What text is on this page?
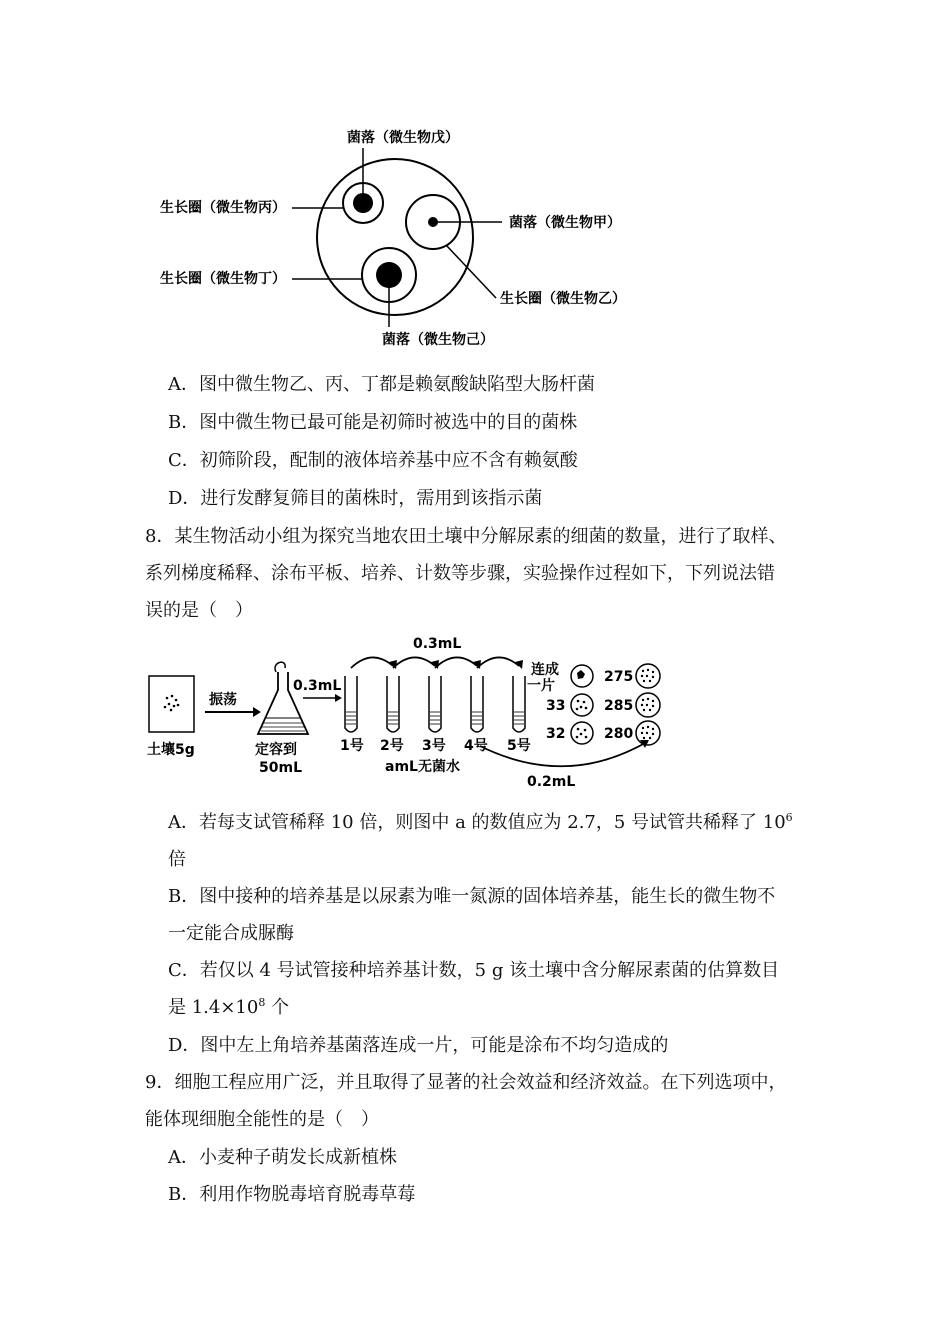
菌落（微生物戊）
生长圈（微生物丙）
菌落（微生物甲）
生长圈（微生物丁）
生长圈（微生物乙）
菌落（微生物己）
A．图中微生物乙、丙、丁都是赖氨酸缺陷型大肠杆菌
B．图中微生物已最可能是初筛时被选中的目的菌株
C．初筛阶段，配制的液体培养基中应不含有赖氨酸
D．进行发酵复筛目的菌株时，需用到该指示菌
8．某生物活动小组为探究当地农田土壤中分解尿素的细菌的数量，进行了取样、
系列梯度稀释、涂布平板、培养、计数等步骤，实验操作过程如下，下列说法错
误的是（　）
土壤5g
振荡
定容到
50mL
0.3mL
0.3mL
1号 2号 3号 4号 5号
amL无菌水
0.2mL
连成
一片
33
32
275
285
280
A．若每支试管稀释 10 倍，则图中 a 的数值应为 2.7，5 号试管共稀释了 $10^6$
倍
B．图中接种的培养基是以尿素为唯一氮源的固体培养基，能生长的微生物不
一定能合成脲酶
C．若仅以 4 号试管接种培养基计数，5 g 该土壤中含分解尿素菌的估算数目
是 $1.4\times 10^8$ 个
D．图中左上角培养基菌落连成一片，可能是涂布不均匀造成的
9．细胞工程应用广泛，并且取得了显著的社会效益和经济效益。在下列选项中，
能体现细胞全能性的是（　）
A．小麦种子萌发长成新植株
B．利用作物脱毒培育脱毒草莓
